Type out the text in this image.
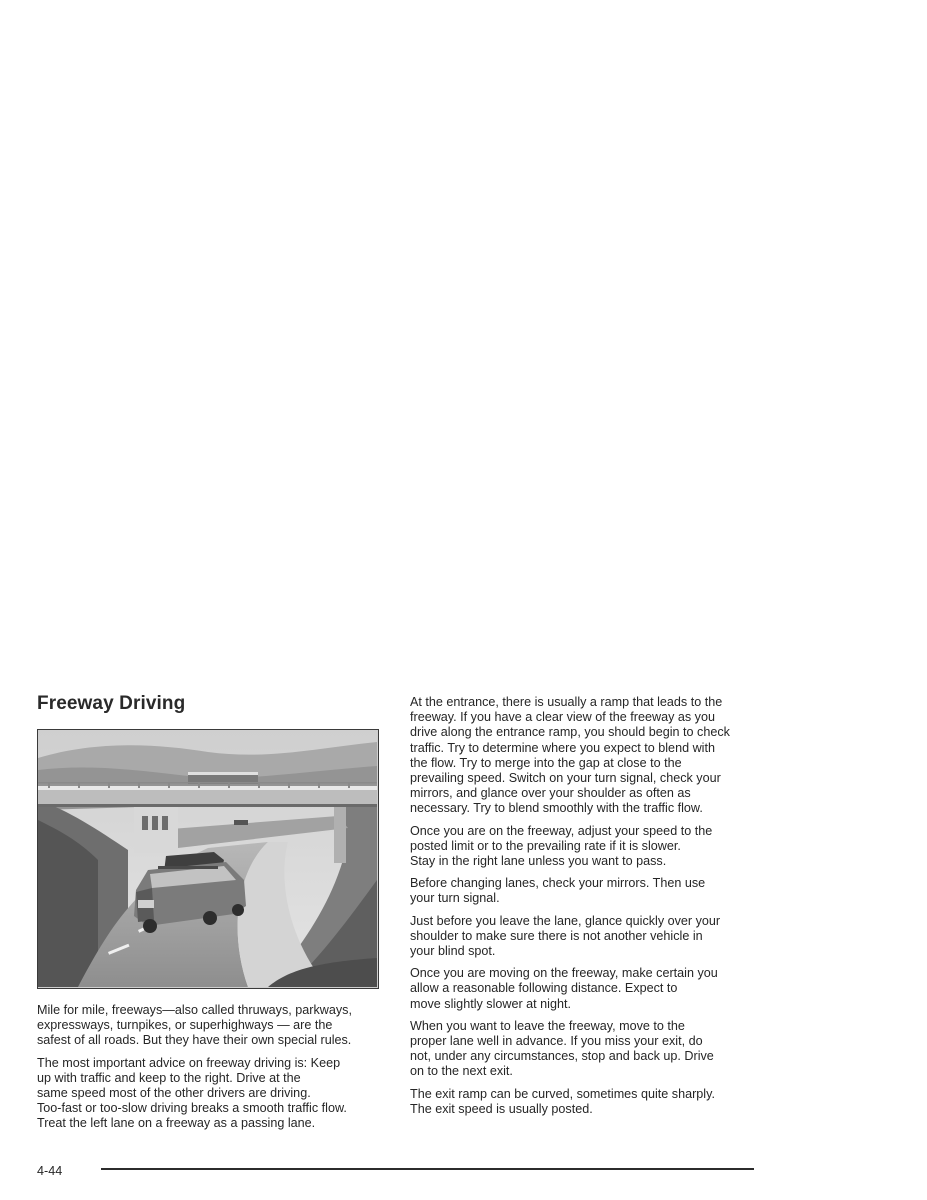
Freeway Driving

Mile for mile, freeways—also called thruways, parkways,
expressways, turnpikes, or superhighways — are the
safest of all roads. But they have their own special rules.

The most important advice on freeway driving is: Keep
up with traffic and keep to the right. Drive at the
same speed most of the other drivers are driving.
Too-fast or too-slow driving breaks a smooth traffic flow.
Treat the left lane on a freeway as a passing lane.

At the entrance, there is usually a ramp that leads to the
freeway. If you have a clear view of the freeway as you
drive along the entrance ramp, you should begin to check
traffic. Try to determine where you expect to blend with
the flow. Try to merge into the gap at close to the
prevailing speed. Switch on your turn signal, check your
mirrors, and glance over your shoulder as often as
necessary. Try to blend smoothly with the traffic flow.

Once you are on the freeway, adjust your speed to the
posted limit or to the prevailing rate if it is slower.
Stay in the right lane unless you want to pass.

Before changing lanes, check your mirrors. Then use
your turn signal.

Just before you leave the lane, glance quickly over your
shoulder to make sure there is not another vehicle in
your blind spot.

Once you are moving on the freeway, make certain you
allow a reasonable following distance. Expect to
move slightly slower at night.

When you want to leave the freeway, move to the
proper lane well in advance. If you miss your exit, do
not, under any circumstances, stop and back up. Drive
on to the next exit.

The exit ramp can be curved, sometimes quite sharply.
The exit speed is usually posted.

4-44
